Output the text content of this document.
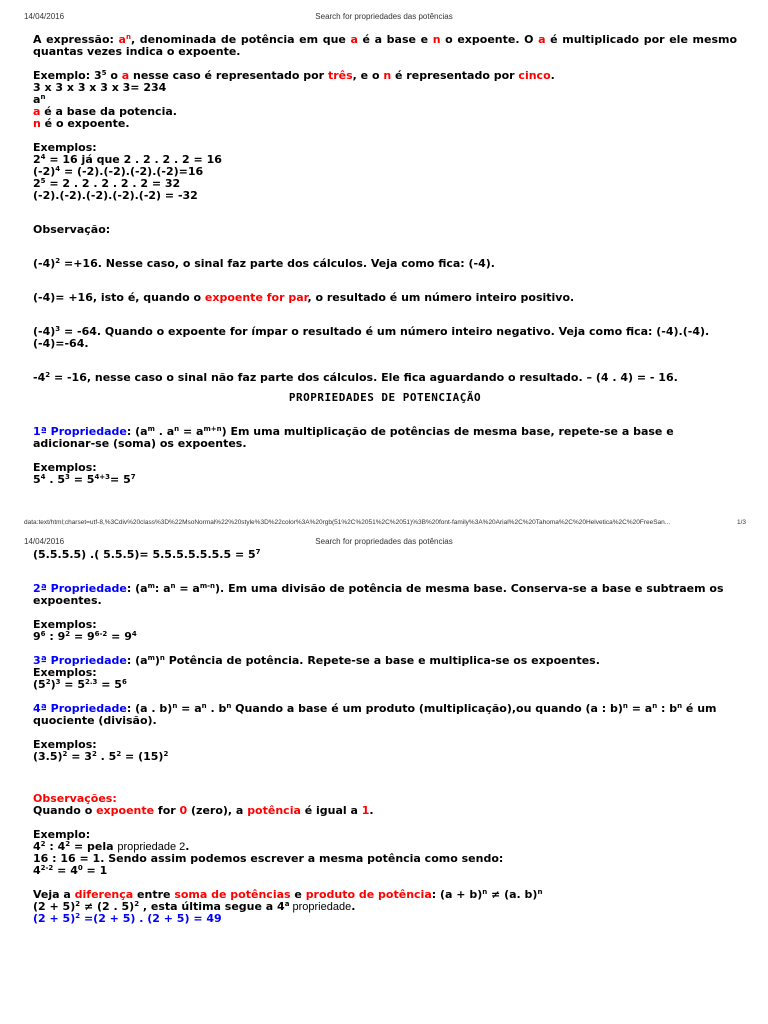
14/04/2016	Search for propriedades das potências

A expressão: $a^n$, denominada de potência em que a é a base e n o expoente. O a é multiplicado por ele mesmo quantas vezes indica o expoente.

Exemplo: $3^5$ o a nesse caso é representado por três, e o n é representado por cinco.

3 x 3 x 3 x 3 x 3= 234

$a^n$

a é a base da potencia.

n é o expoente.

Exemplos:

$2^4 = 16$ já que 2 . 2 . 2 . 2 = 16

$(-2)^4 = (-2).(-2).(-2).(-2)=16$

$2^5 = 2$ . 2 . 2 . 2 . 2 = 32

(-2).(-2).(-2).(-2).(-2) = -32

Observação:

$(-4)^2 =+16$. Nesse caso, o sinal faz parte dos cálculos. Veja como fica: (-4).

(-4)= +16, isto é, quando o expoente for par, o resultado é um número inteiro positivo.

$(-4)^3 = -64$. Quando o expoente for ímpar o resultado é um número inteiro negativo. Veja como fica: (-4).(-4).(-4)=-64.

$-4^2 = -16$, nesse caso o sinal não faz parte dos cálculos. Ele fica aguardando o resultado. – (4 . 4) = - 16.

PROPRIEDADES DE POTENCIAÇÃO

1ª Propriedade: ($a^m$ . $a^n = a^{m+n}$) Em uma multiplicação de potências de mesma base, repete-se a base e adicionar-se (soma) os expoentes.

Exemplos:

$5^4$ . $5^3 = 5^{4+3}= 5^7$

data:text/html;charset=utf-8,%3Cdiv%20class%3D%22MsoNormal%22%20style%3D%22color%3A%20rgb(51%2C%2051%2C%2051)%3B%20font-family%3A%20Arial%2C%20Tahoma%2C%20Helvetica%2C%20FreeSan...	1/3
14/04/2016	Search for propriedades das potências

(5.5.5.5) .( $5.5.5)= 5.5.5.5.5.5.5 = 5^7$

2ª Propriedade: ($a^m$: $a^n = a^{m-n}$). Em uma divisão de potência de mesma base. Conserva-se a base e subtraem os expoentes.

Exemplos:

$9^6$ : $9^2 = 9^{6-2} = 9^4$

3ª Propriedade: $(a^m)^n$ Potência de potência. Repete-se a base e multiplica-se os expoentes.

Exemplos:

$(5^2)^3 = 5^{2.3} = 5^6$

4ª Propriedade: (a . $b)^n = a^n$ . $b^n$ Quando a base é um produto (multiplicação),ou quando (a : $b)^n = a^n$ : $b^n$ é um quociente (divisão).

Exemplos:

$(3.5)^2 = 3^2$ . $5^2 = (15)^2$

Observações:

Quando o expoente for 0 (zero), a potência é igual a 1.

Exemplo:

$4^2$ : $4^2$ = pela propriedade 2.

16 : 16 = 1. Sendo assim podemos escrever a mesma potência como sendo:

$4^{2-2} = 4^0 = 1$

Veja a diferença entre soma de potências e produto de potência: $(a + b)^n \ne (a$. b)$^n$

$(2 + 5)^2 \ne (2$ . 5)$^2$ , esta última segue a 4$^a$ propriedade.

$(2 + 5)^2 =(2 + 5)$ . (2 + 5) = 49
